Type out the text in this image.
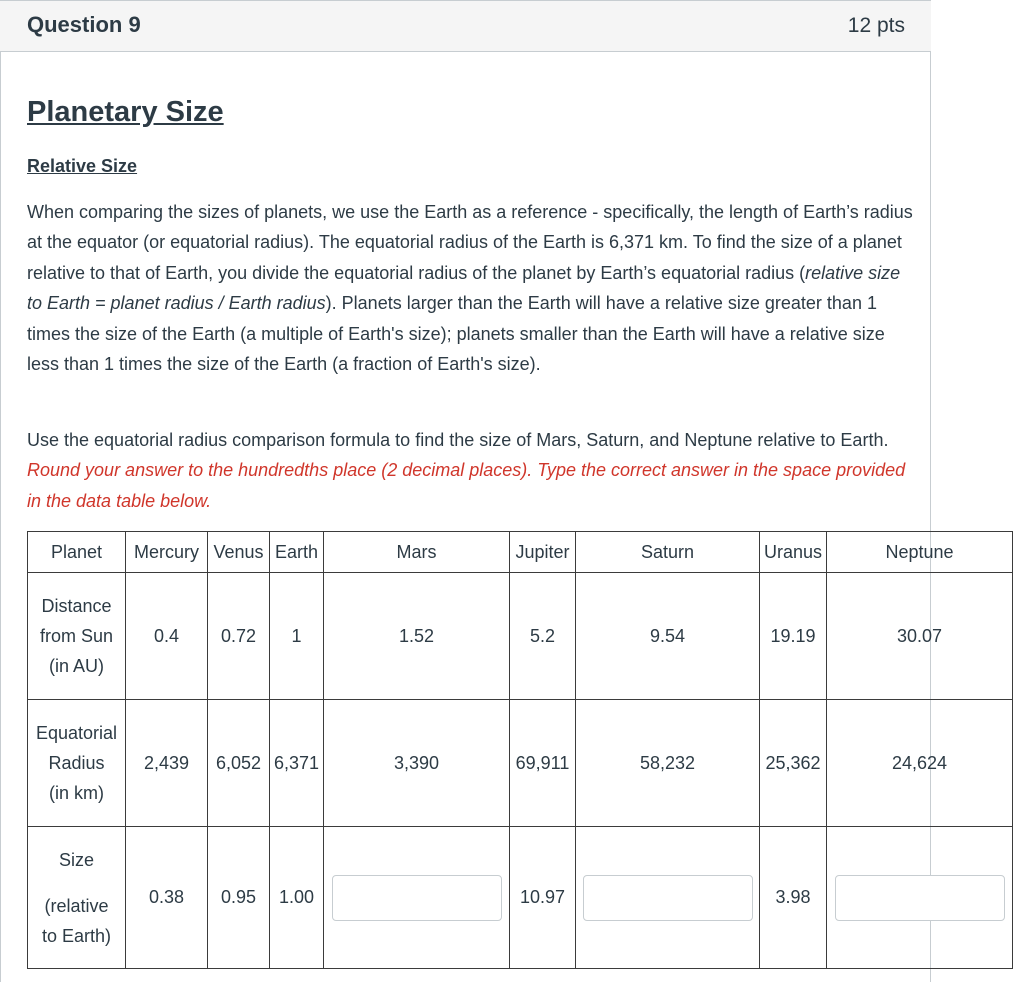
Question 9	12 pts
Planetary Size
Relative Size
When comparing the sizes of planets, we use the Earth as a reference - specifically, the length of Earth’s radius at the equator (or equatorial radius). The equatorial radius of the Earth is 6,371 km. To find the size of a planet relative to that of Earth, you divide the equatorial radius of the planet by Earth’s equatorial radius (relative size to Earth = planet radius / Earth radius). Planets larger than the Earth will have a relative size greater than 1 times the size of the Earth (a multiple of Earth's size); planets smaller than the Earth will have a relative size less than 1 times the size of the Earth (a fraction of Earth's size).
Use the equatorial radius comparison formula to find the size of Mars, Saturn, and Neptune relative to Earth. Round your answer to the hundredths place (2 decimal places). Type the correct answer in the space provided in the data table below.
Planet	Mercury	Venus	Earth	Mars	Jupiter	Saturn	Uranus	Neptune

Distance
from Sun
(in AU)	0.4	0.72	1	1.52	5.2	9.54	19.19	30.07

Equatorial
Radius
(in km)	2,439	6,052	6,371	3,390	69,911	58,232	25,362	24,624

Size
(relative
to Earth)	0.38	0.95	1.00		10.97		3.98	
